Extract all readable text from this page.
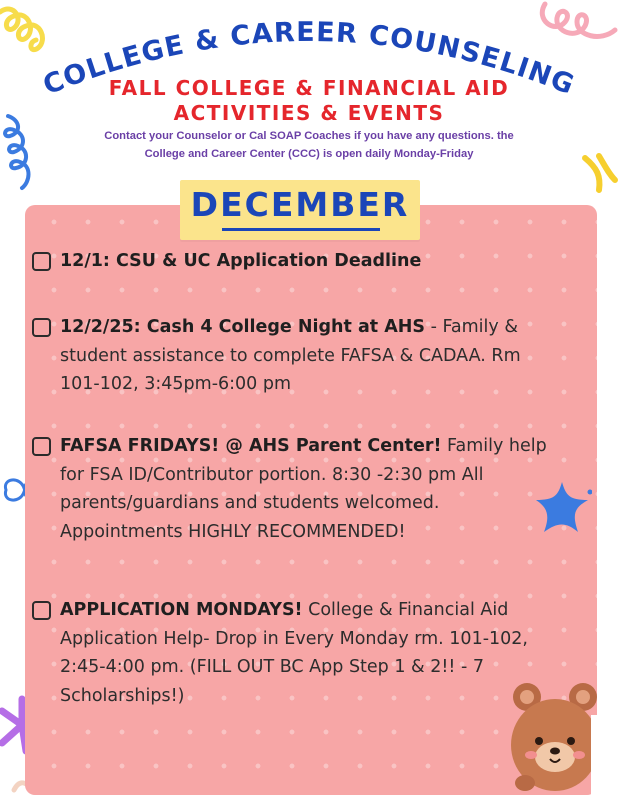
COLLEGE & CAREER COUNSELING
FALL COLLEGE & FINANCIAL AID
ACTIVITIES & EVENTS
Contact your Counselor or Cal SOAP Coaches if you have any questions. the
College and Career Center (CCC) is open daily Monday-Friday
DECEMBER
12/1: CSU & UC Application Deadline
12/2/25: Cash 4 College Night at AHS - Family &
student assistance to complete FAFSA & CADAA. Rm
101-102, 3:45pm-6:00 pm
FAFSA FRIDAYS! @ AHS Parent Center! Family help
for FSA ID/Contributor portion. 8:30 -2:30 pm All
parents/guardians and students welcomed.
Appointments HIGHLY RECOMMENDED!
APPLICATION MONDAYS! College & Financial Aid
Application Help- Drop in Every Monday rm. 101-102,
2:45-4:00 pm. (FILL OUT BC App Step 1 & 2!! - 7
Scholarships!)
